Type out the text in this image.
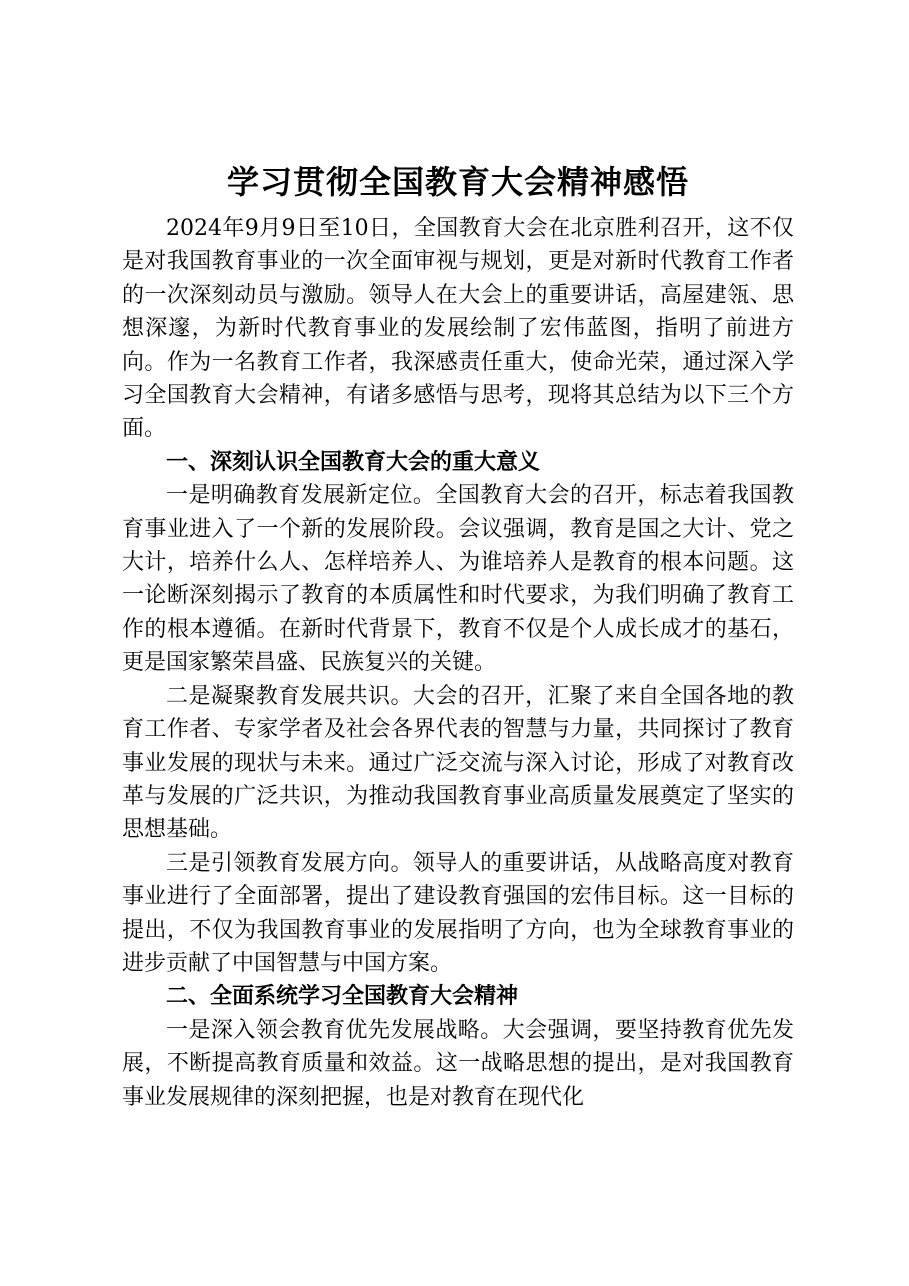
学习贯彻全国教育大会精神感悟

2024年9月9日至10日，全国教育大会在北京胜利召开，这不仅是对我国教育事业的一次全面审视与规划，更是对新时代教育工作者的一次深刻动员与激励。领导人在大会上的重要讲话，高屋建瓴、思想深邃，为新时代教育事业的发展绘制了宏伟蓝图，指明了前进方向。作为一名教育工作者，我深感责任重大，使命光荣，通过深入学习全国教育大会精神，有诸多感悟与思考，现将其总结为以下三个方面。

一、深刻认识全国教育大会的重大意义

一是明确教育发展新定位。全国教育大会的召开，标志着我国教育事业进入了一个新的发展阶段。会议强调，教育是国之大计、党之大计，培养什么人、怎样培养人、为谁培养人是教育的根本问题。这一论断深刻揭示了教育的本质属性和时代要求，为我们明确了教育工作的根本遵循。在新时代背景下，教育不仅是个人成长成才的基石，更是国家繁荣昌盛、民族复兴的关键。

二是凝聚教育发展共识。大会的召开，汇聚了来自全国各地的教育工作者、专家学者及社会各界代表的智慧与力量，共同探讨了教育事业发展的现状与未来。通过广泛交流与深入讨论，形成了对教育改革与发展的广泛共识，为推动我国教育事业高质量发展奠定了坚实的思想基础。

三是引领教育发展方向。领导人的重要讲话，从战略高度对教育事业进行了全面部署，提出了建设教育强国的宏伟目标。这一目标的提出，不仅为我国教育事业的发展指明了方向，也为全球教育事业的进步贡献了中国智慧与中国方案。

二、全面系统学习全国教育大会精神

一是深入领会教育优先发展战略。大会强调，要坚持教育优先发展，不断提高教育质量和效益。这一战略思想的提出，是对我国教育事业发展规律的深刻把握，也是对教育在现代化
